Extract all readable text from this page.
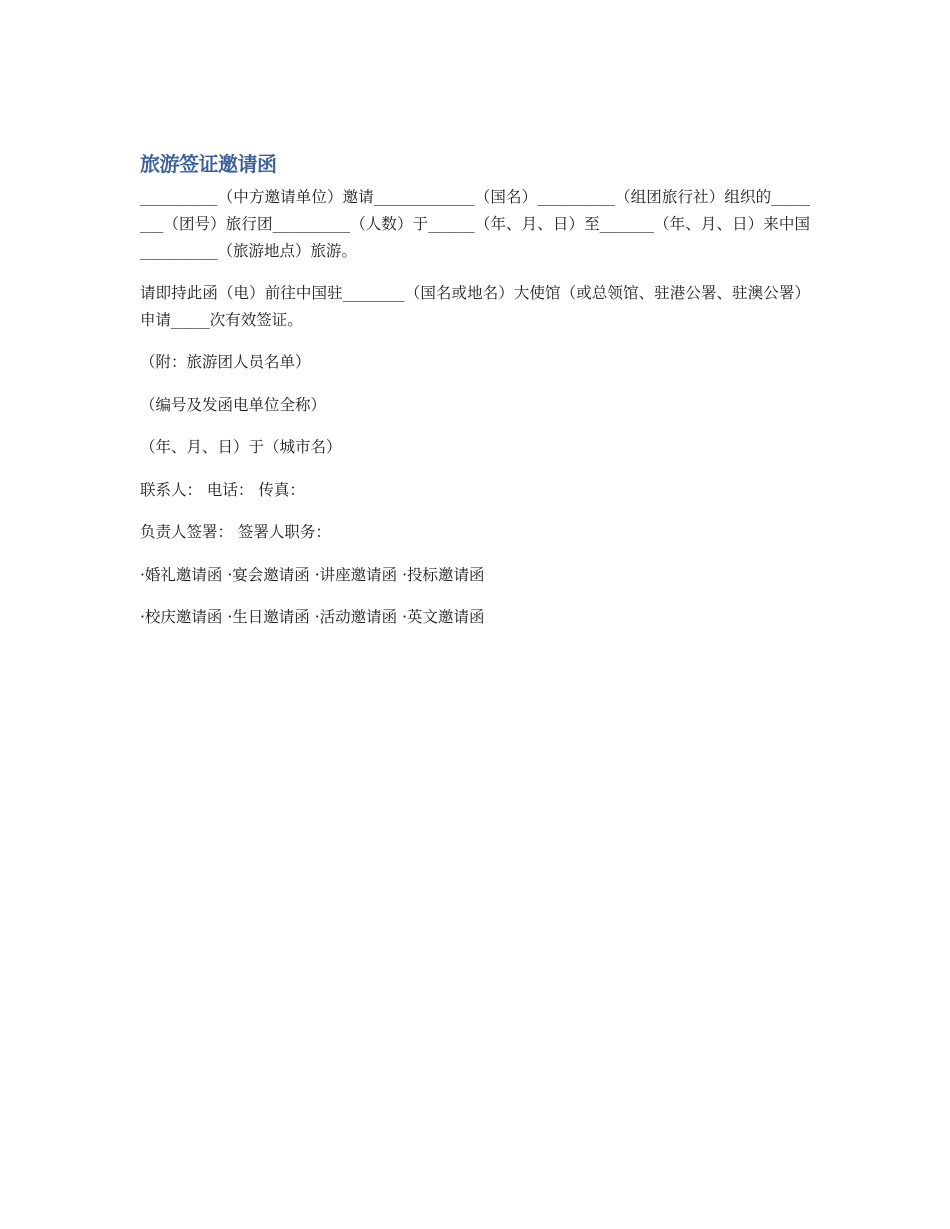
旅游签证邀请函

__________（中方邀请单位）邀请_____________（国名）__________（组团旅行社）组织的________（团号）旅行团__________（人数）于______（年、月、日）至_______（年、月、日）来中国__________（旅游地点）旅游。

请即持此函（电）前往中国驻________（国名或地名）大使馆（或总领馆、驻港公署、驻澳公署）申请_____次有效签证。

（附：旅游团人员名单）

（编号及发函电单位全称）

（年、月、日）于（城市名）

联系人： 电话： 传真：

负责人签署： 签署人职务：

·婚礼邀请函 ·宴会邀请函 ·讲座邀请函 ·投标邀请函

·校庆邀请函 ·生日邀请函 ·活动邀请函 ·英文邀请函
